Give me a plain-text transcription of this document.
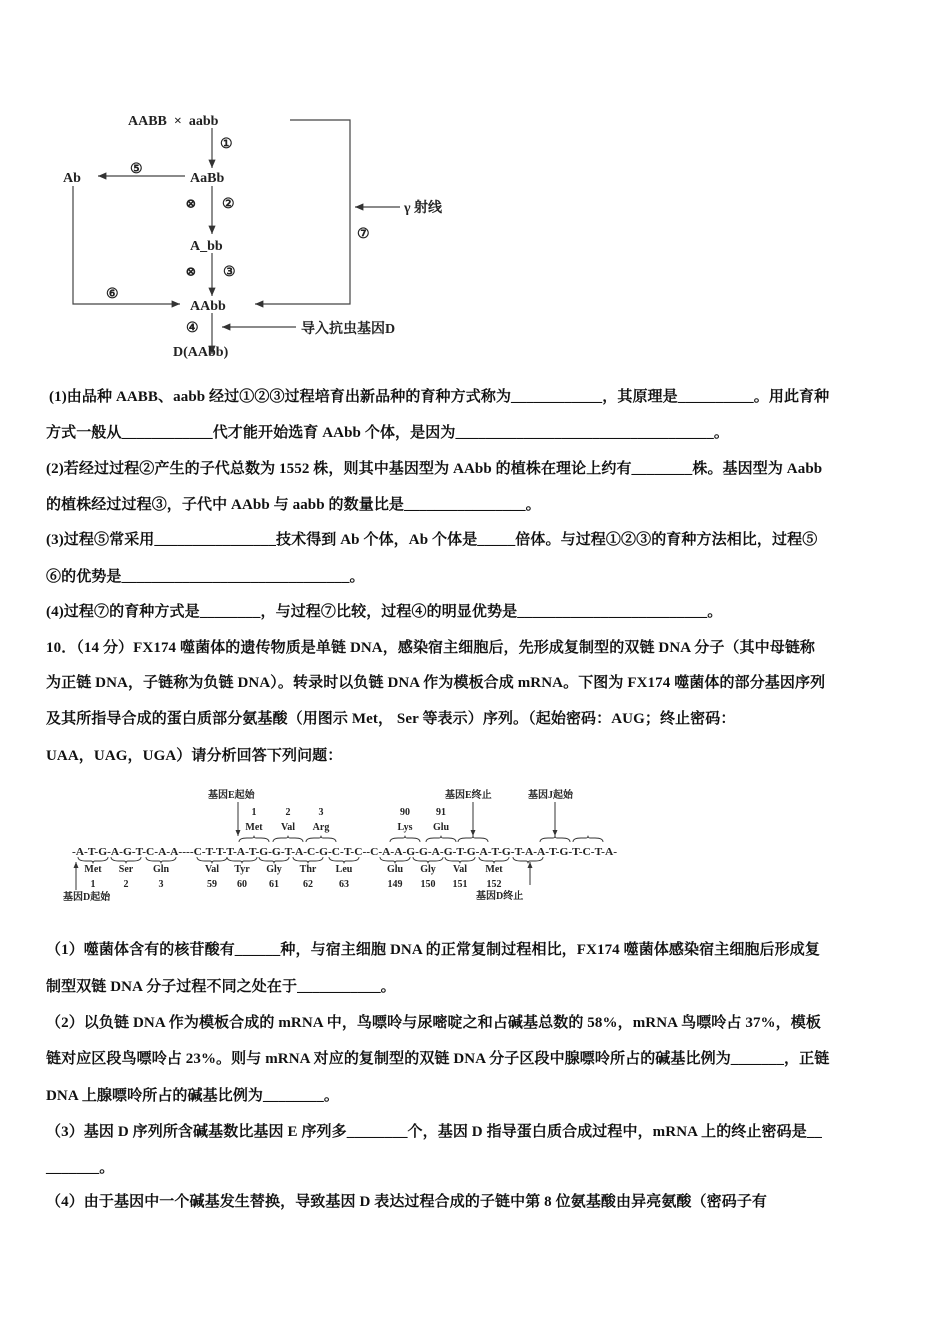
AABB  ×  aabb
①
AaBb
Ab
⑤
⊗ ②
A_bb
⊗ ③
⑥
AAbb
④	导入抗虫基因D
D(AAbb)
γ 射线
⑦
(1)由品种 AABB、aabb 经过①②③过程培育出新品种的育种方式称为____________，其原理是__________。用此育种
方式一般从____________代才能开始选育 AAbb 个体，是因为__________________________________。
(2)若经过过程②产生的子代总数为 1552 株，则其中基因型为 AAbb 的植株在理论上约有________株。基因型为 Aabb
的植株经过过程③，子代中 AAbb 与 aabb 的数量比是________________。
(3)过程⑤常采用________________技术得到 Ab 个体，Ab 个体是_____倍体。与过程①②③的育种方法相比，过程⑤
⑥的优势是______________________________。
(4)过程⑦的育种方式是________，与过程⑦比较，过程④的明显优势是_________________________。
10．（14 分）FX174 噬菌体的遗传物质是单链 DNA，感染宿主细胞后，先形成复制型的双链 DNA 分子（其中母链称
为正链 DNA，子链称为负链 DNA）。转录时以负链 DNA 作为模板合成 mRNA。下图为 FX174 噬菌体的部分基因序列
及其所指导合成的蛋白质部分氨基酸（用图示 Met， Ser 等表示）序列。（起始密码：AUG；终止密码：
UAA，UAG，UGA）请分析回答下列问题：
基因E起始	基因E终止	基因J起始
基因D起始	基因D终止
-A-T-G-A-G-T-C-A-A----C-T-T-T-A-T-G-G-T-A-C-G-C-T-C--C-A-A-G-G-A-G-T-G-A-T-G-T-A-A-T-G-T-C-T-A-
1
Met
2
Val
3
Arg
90
Lys
91
Glu
Met
1
Ser
2
Gln
3
Val
59
Tyr
60
Gly
61
Thr
62
Leu
63
Glu
149
Gly
150
Val
151
Met
152
（1）噬菌体含有的核苷酸有______种，与宿主细胞 DNA 的正常复制过程相比，FX174 噬菌体感染宿主细胞后形成复
制型双链 DNA 分子过程不同之处在于___________。
（2）以负链 DNA 作为模板合成的 mRNA 中，鸟嘌呤与尿嘧啶之和占碱基总数的 58%，mRNA 鸟嘌呤占 37%，模板
链对应区段鸟嘌呤占 23%。则与 mRNA 对应的复制型的双链 DNA 分子区段中腺嘌呤所占的碱基比例为_______，正链
DNA 上腺嘌呤所占的碱基比例为________。
（3）基因 D 序列所含碱基数比基因 E 序列多________个，基因 D 指导蛋白质合成过程中，mRNA 上的终止密码是__
_______。
（4）由于基因中一个碱基发生替换，导致基因 D 表达过程合成的子链中第 8 位氨基酸由异亮氨酸（密码子有
